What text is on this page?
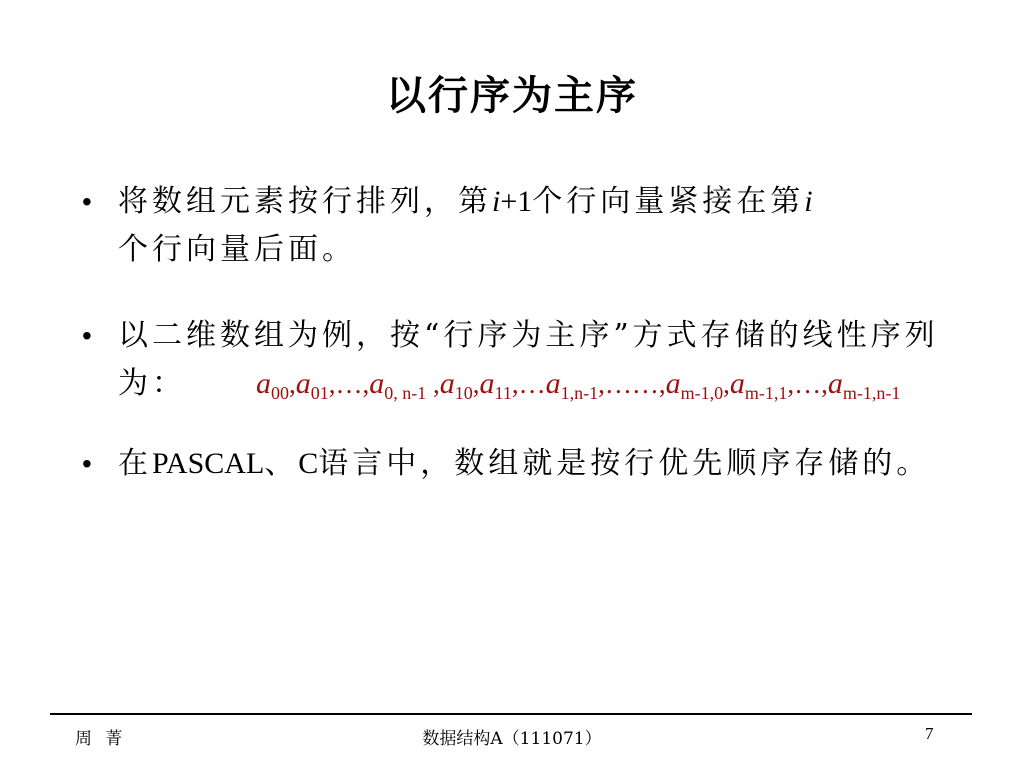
以行序为主序
• 将数组元素按行排列，第i+1个行向量紧接在第i
个行向量后面。
• 以二维数组为例，按“行序为主序”方式存储的线性序列为： $a_{00},a_{01},\dots,a_{0, n-1}$ $,a_{10},a_{11},\dots a_{1,n-1},\dots\dots,a_{m-1,0},a_{m-1,1},\dots,a_{m-1,n-1}$
• 在PASCAL、C语言中，数组就是按行优先顺序存储的。
周 菁	数据结构A（111071）	7
